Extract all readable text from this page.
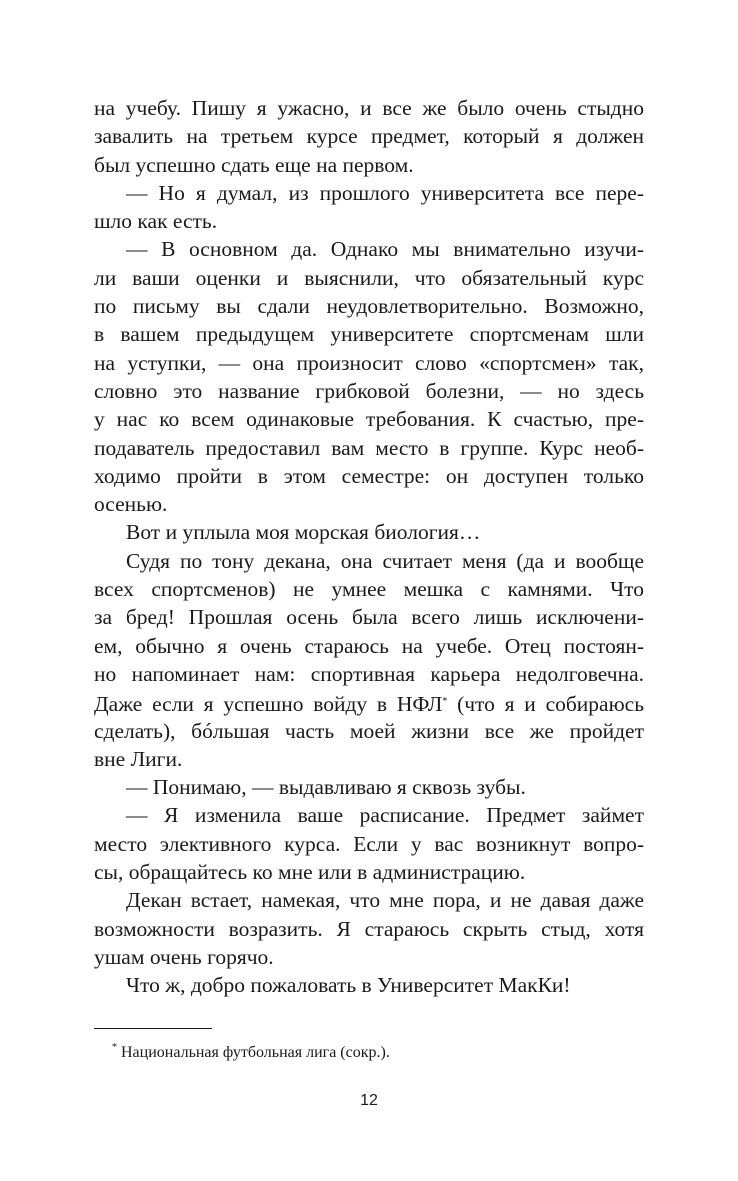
на учебу. Пишу я ужасно, и все же было очень стыдно
завалить на третьем курсе предмет, который я должен
был успешно сдать еще на первом.
— Но я думал, из прошлого университета все пере-
шло как есть.
— В основном да. Однако мы внимательно изучи-
ли ваши оценки и выяснили, что обязательный курс
по письму вы сдали неудовлетворительно. Возможно,
в вашем предыдущем университете спортсменам шли
на уступки, — она произносит слово «спортсмен» так,
словно это название грибковой болезни, — но здесь
у нас ко всем одинаковые требования. К счастью, пре-
подаватель предоставил вам место в группе. Курс необ-
ходимо пройти в этом семестре: он доступен только
осенью.
Вот и уплыла моя морская биология…
Судя по тону декана, она считает меня (да и вообще
всех спортсменов) не умнее мешка с камнями. Что
за бред! Прошлая осень была всего лишь исключени-
ем, обычно я очень стараюсь на учебе. Отец постоян-
но напоминает нам: спортивная карьера недолговечна.
Даже если я успешно войду в НФЛ* (что я и собираюсь
сделать), бóльшая часть моей жизни все же пройдет
вне Лиги.
— Понимаю, — выдавливаю я сквозь зубы.
— Я изменила ваше расписание. Предмет займет
место элективного курса. Если у вас возникнут вопро-
сы, обращайтесь ко мне или в администрацию.
Декан встает, намекая, что мне пора, и не давая даже
возможности возразить. Я стараюсь скрыть стыд, хотя
ушам очень горячо.
Что ж, добро пожаловать в Университет МакКи!
* Национальная футбольная лига (сокр.).
12
